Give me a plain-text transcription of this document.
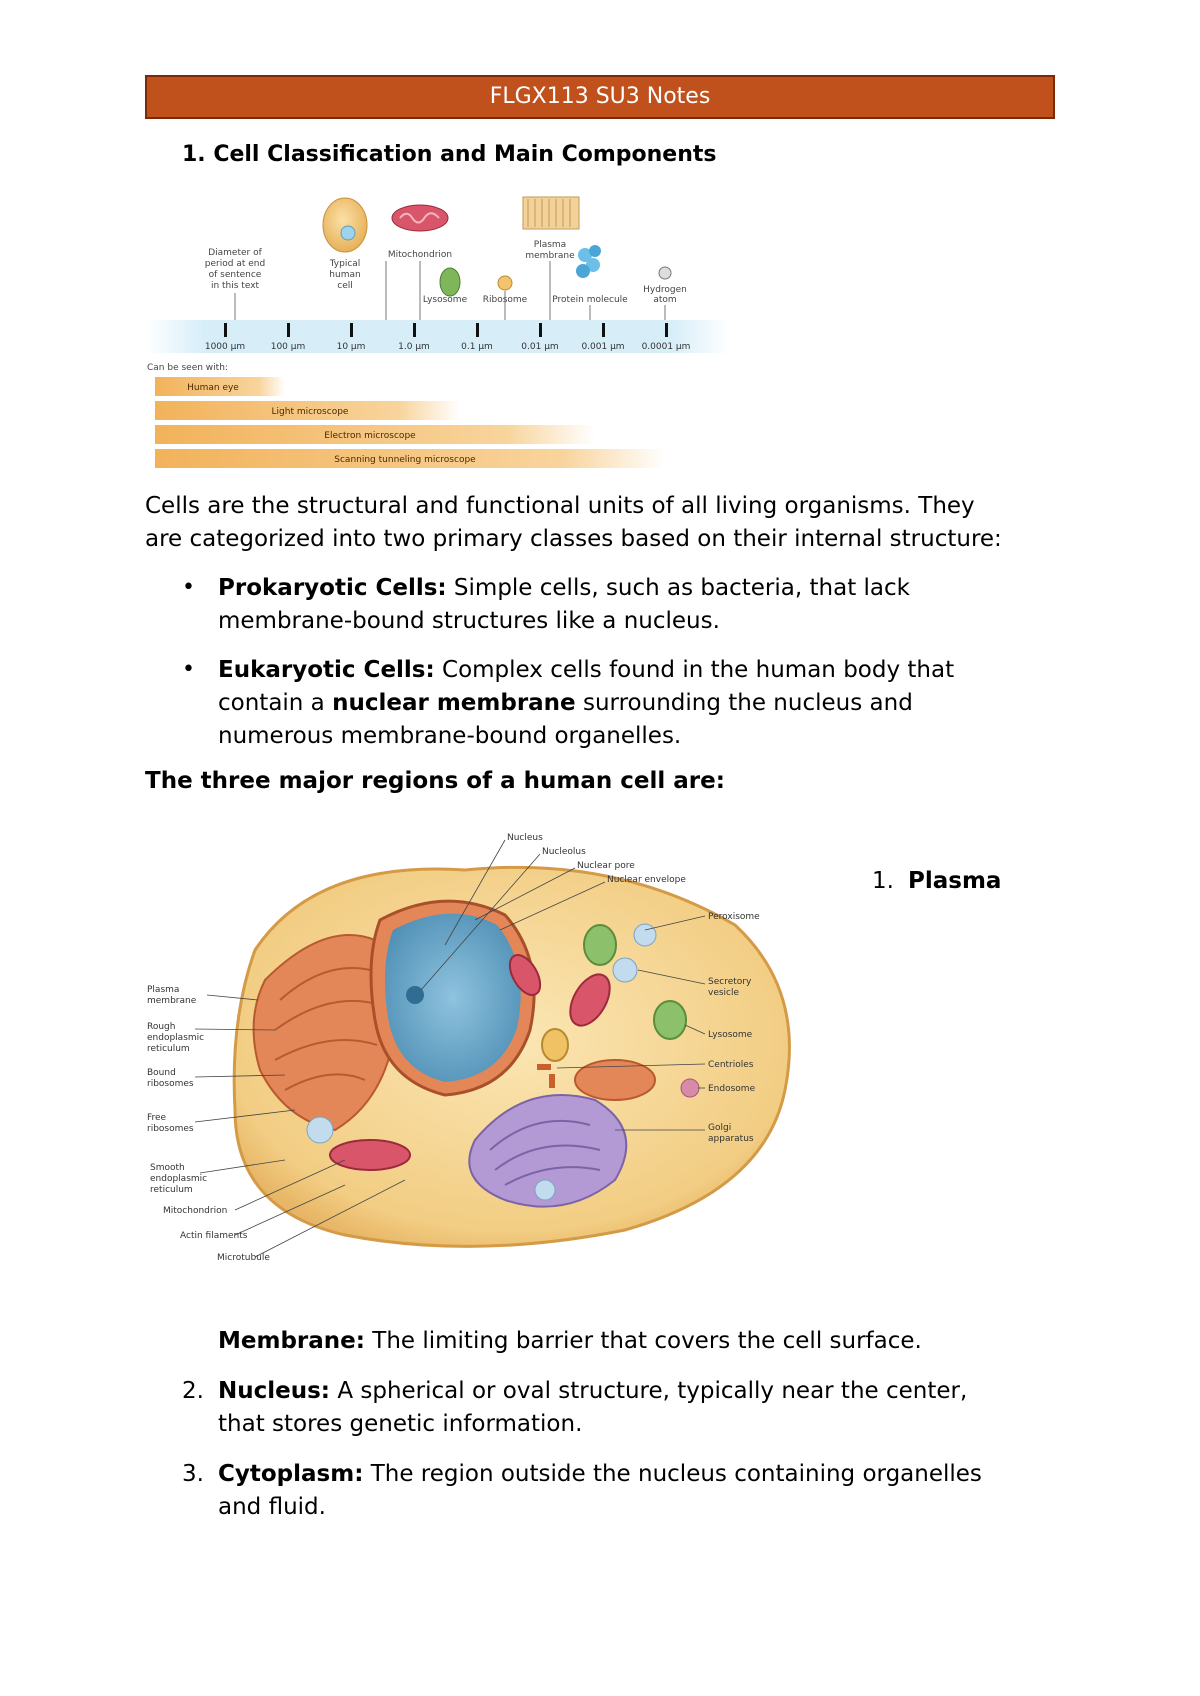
FLGX113 SU3 Notes
1. Cell Classification and Main Components
Diameter of
period at end
of sentence
in this text
Typical
human
cell
Mitochondrion
Lysosome Ribosome
Plasma
membrane
Protein molecule
Hydrogen
atom
1000 µm	100 µm	10 µm	1.0 µm	0.1 µm	0.01 µm	0.001 µm 0.0001 µm
Can be seen with:
Human eye
Light microscope
Electron microscope
Scanning tunneling microscope

Cells are the structural and functional units of all living organisms. They
are categorized into two primary classes based on their internal structure:

• Prokaryotic Cells: Simple cells, such as bacteria, that lack
membrane-bound structures like a nucleus.

• Eukaryotic Cells: Complex cells found in the human body that
contain a nuclear membrane surrounding the nucleus and
numerous membrane-bound organelles.

The three major regions of a human cell are:

Nucleus
Nucleolus
Nuclear pore
Nuclear envelope
Peroxisome
Secretory
vesicle
Lysosome
Centrioles
Endosome
Golgi
apparatus
Plasma
membrane
Rough
endoplasmic
reticulum
Bound
ribosomes
Free
ribosomes
Smooth
endoplasmic
reticulum
Mitochondrion
Actin filaments
Microtubule
1. Plasma

Membrane: The limiting barrier that covers the cell surface.

2. Nucleus: A spherical or oval structure, typically near the center,
that stores genetic information.

3. Cytoplasm: The region outside the nucleus containing organelles
and fluid.
